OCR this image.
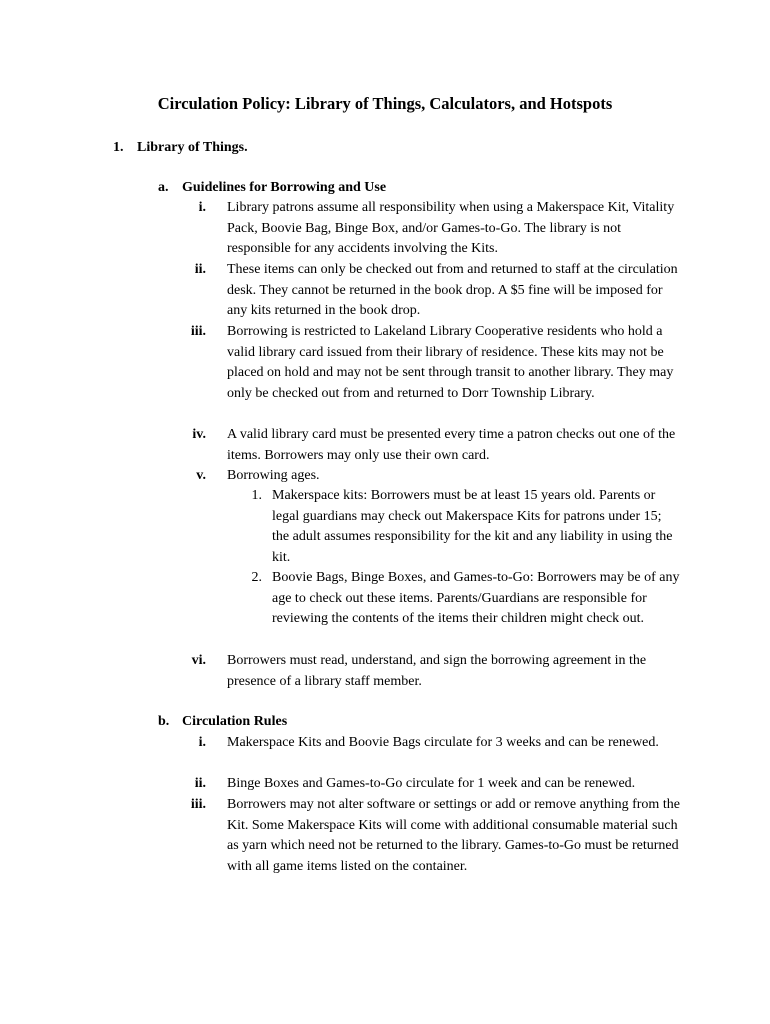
Circulation Policy: Library of Things, Calculators, and Hotspots
1. Library of Things.
a. Guidelines for Borrowing and Use
i. Library patrons assume all responsibility when using a Makerspace Kit, Vitality Pack, Boovie Bag, Binge Box, and/or Games-to-Go. The library is not responsible for any accidents involving the Kits.
ii. These items can only be checked out from and returned to staff at the circulation desk. They cannot be returned in the book drop. A $5 fine will be imposed for any kits returned in the book drop.
iii. Borrowing is restricted to Lakeland Library Cooperative residents who hold a valid library card issued from their library of residence. These kits may not be placed on hold and may not be sent through transit to another library. They may only be checked out from and returned to Dorr Township Library.
iv. A valid library card must be presented every time a patron checks out one of the items. Borrowers may only use their own card.
v. Borrowing ages.
1. Makerspace kits: Borrowers must be at least 15 years old. Parents or legal guardians may check out Makerspace Kits for patrons under 15; the adult assumes responsibility for the kit and any liability in using the kit.
2. Boovie Bags, Binge Boxes, and Games-to-Go: Borrowers may be of any age to check out these items. Parents/Guardians are responsible for reviewing the contents of the items their children might check out.
vi. Borrowers must read, understand, and sign the borrowing agreement in the presence of a library staff member.
b. Circulation Rules
i. Makerspace Kits and Boovie Bags circulate for 3 weeks and can be renewed.
ii. Binge Boxes and Games-to-Go circulate for 1 week and can be renewed.
iii. Borrowers may not alter software or settings or add or remove anything from the Kit. Some Makerspace Kits will come with additional consumable material such as yarn which need not be returned to the library. Games-to-Go must be returned with all game items listed on the container.
